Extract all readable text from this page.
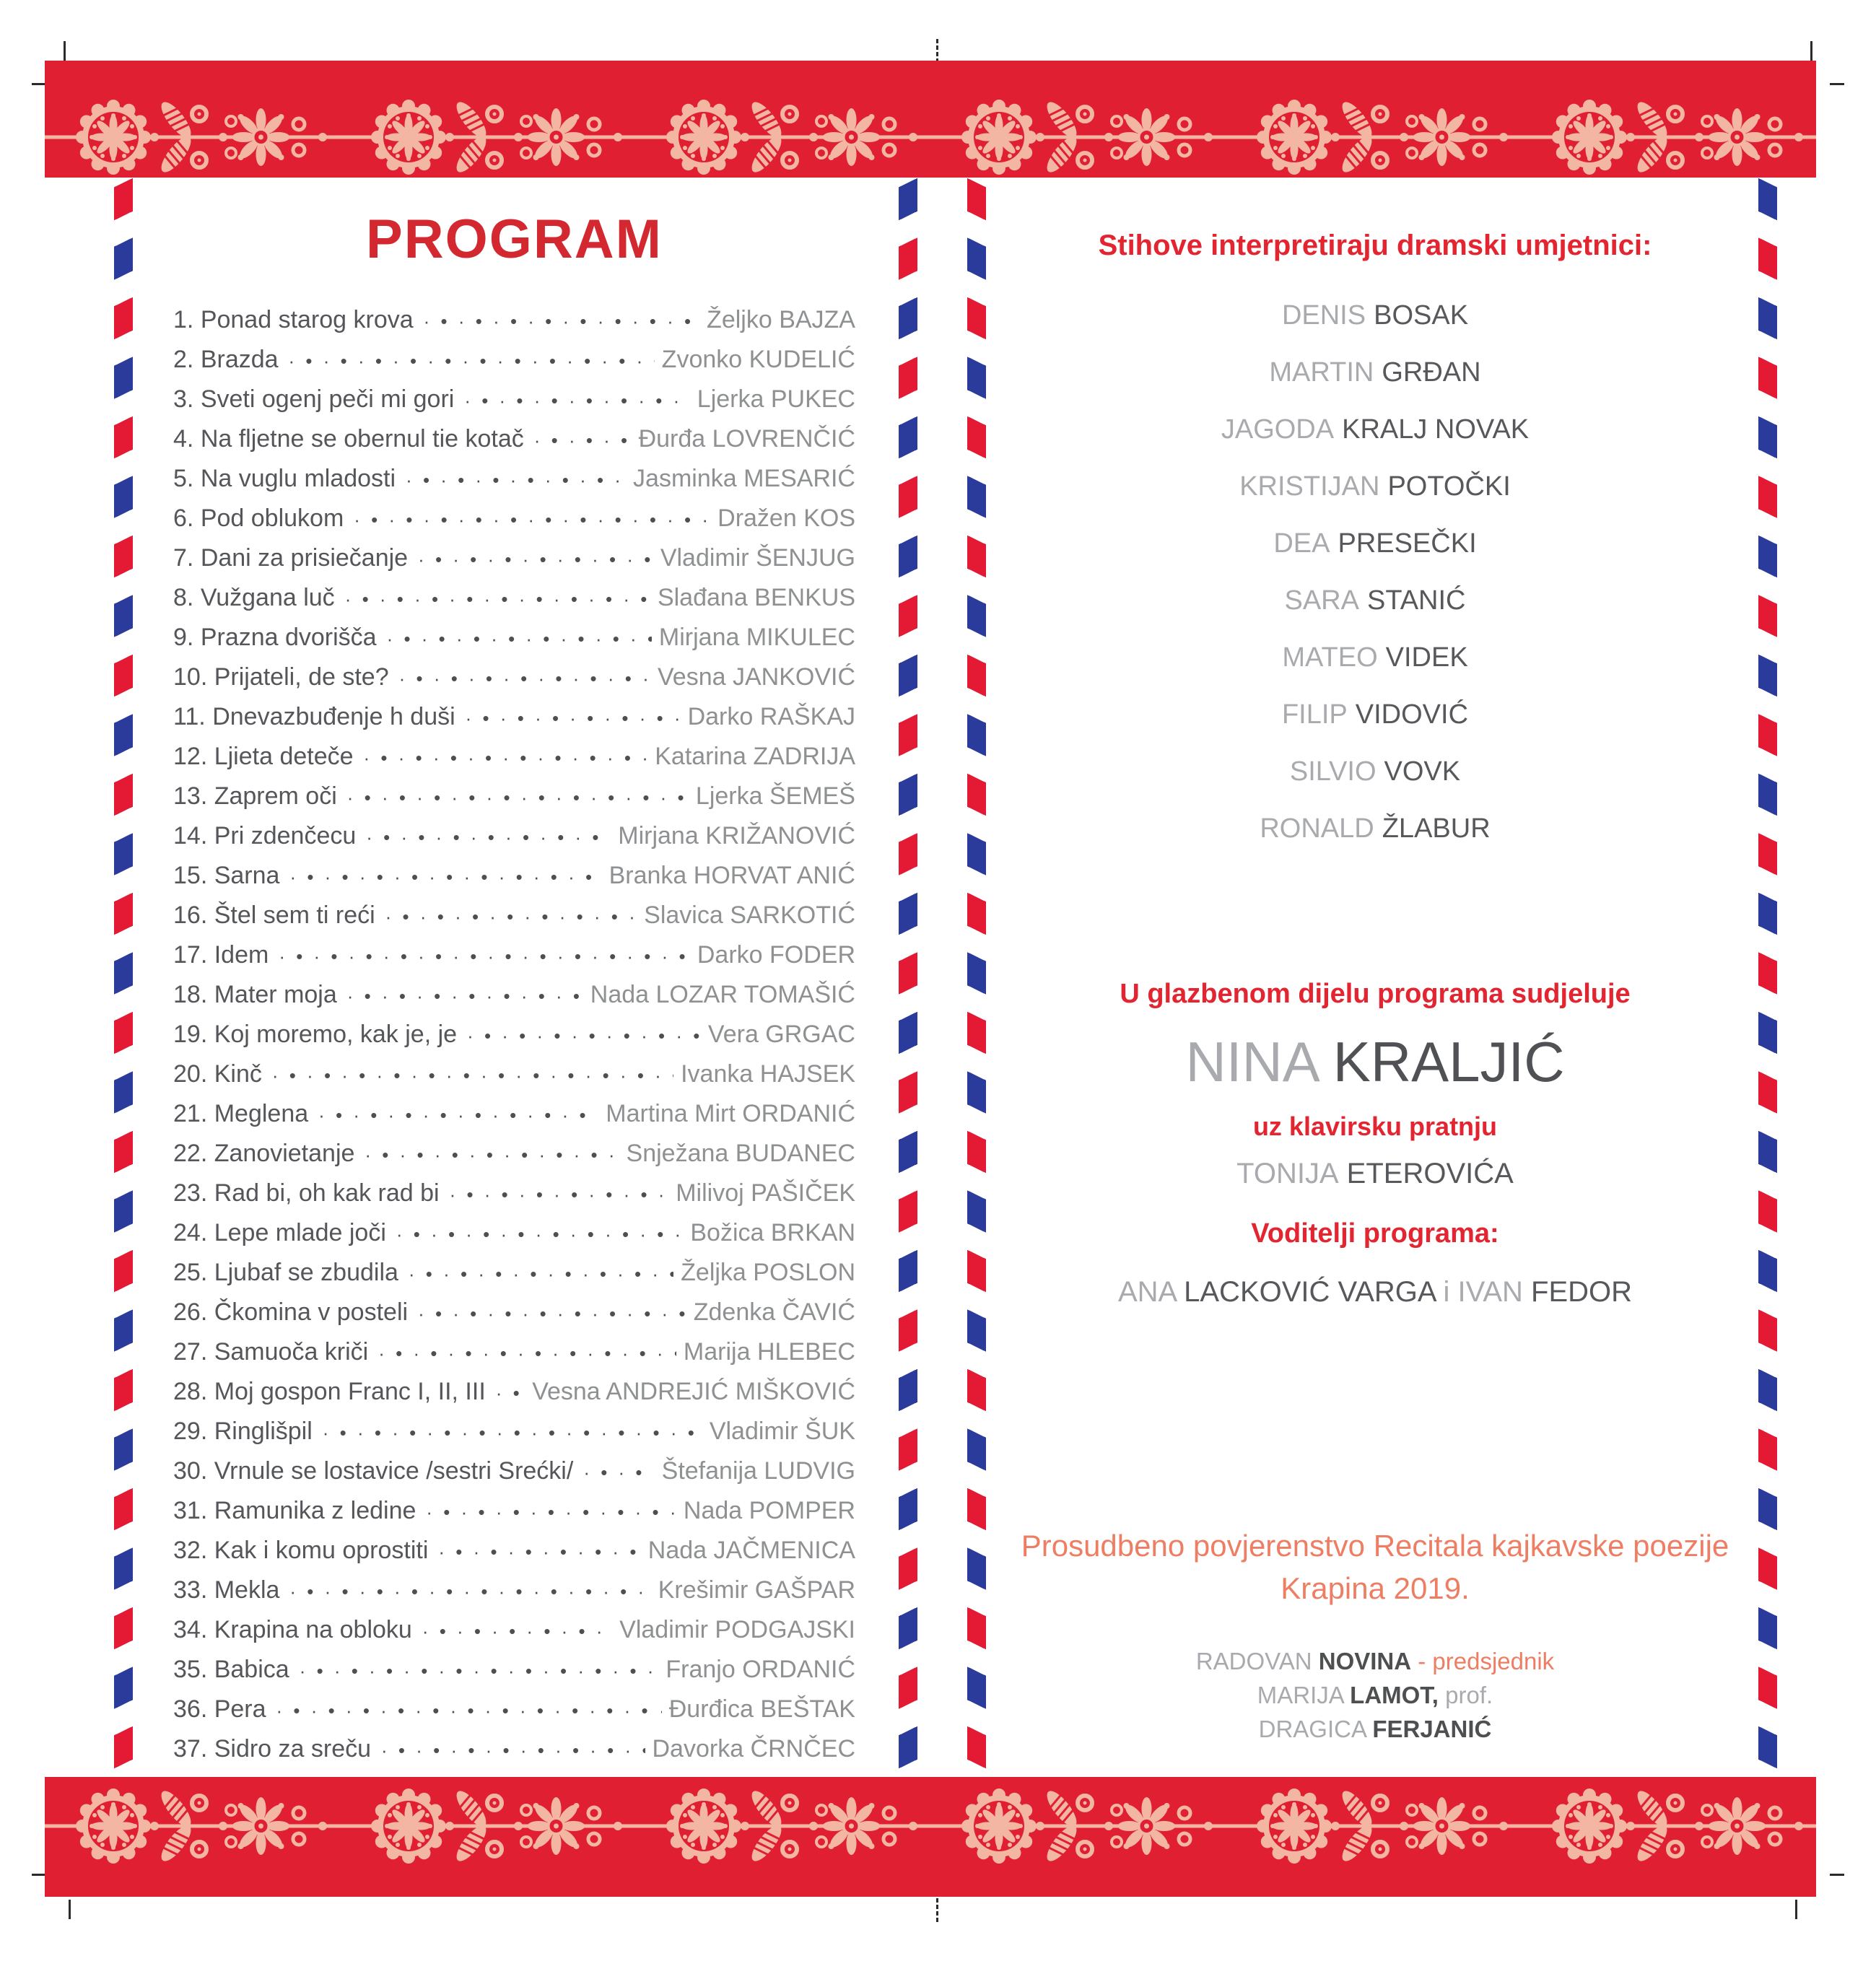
PROGRAM
1. Ponad starog krova · • ·	Željko BAJZA
2. Brazda · • ·	Zvonko KUDELIĆ
3. Sveti ogenj peči mi gori · • ·	Ljerka PUKEC
4. Na fljetne se obernul tie kotač · • ·	Đurđa LOVRENČIĆ
5. Na vuglu mladosti · • ·	Jasminka MESARIĆ
6. Pod oblukom · • ·	Dražen KOS
7. Dani za prisiečanje · • ·	Vladimir ŠENJUG
8. Vužgana luč · • ·	Slađana BENKUS
9. Prazna dvorišča · • ·	Mirjana MIKULEC
10. Prijateli, de ste? · • ·	Vesna JANKOVIĆ
11. Dnevazbuđenje h duši · • ·	Darko RAŠKAJ
12. Ljieta deteče · • ·	Katarina ZADRIJA
13. Zaprem oči · • ·	Ljerka ŠEMEŠ
14. Pri zdenčecu · • ·	Mirjana KRIŽANOVIĆ
15. Sarna · • ·	Branka HORVAT ANIĆ
16. Štel sem ti reći · • ·	Slavica SARKOTIĆ
17. Idem · • ·	Darko FODER
18. Mater moja · • ·	Nada LOZAR TOMAŠIĆ
19. Koj moremo, kak je, je · • ·	Vera GRGAC
20. Kinč · • ·	Ivanka HAJSEK
21. Meglena · • ·	Martina Mirt ORDANIĆ
22. Zanovietanje · • ·	Snježana BUDANEC
23. Rad bi, oh kak rad bi · • ·	Milivoj PAŠIČEK
24. Lepe mlade joči · • ·	Božica BRKAN
25. Ljubaf se zbudila · • ·	Željka POSLON
26. Čkomina v posteli · • ·	Zdenka ČAVIĆ
27. Samuoča kriči · • ·	Marija HLEBEC
28. Moj gospon Franc I, II, III · • · Vesna ANDREJIĆ MIŠKOVIĆ
29. Ringlišpil · • ·	Vladimir ŠUK
30. Vrnule se lostavice /sestri Srećki/ · • ·	Štefanija LUDVIG
31. Ramunika z ledine · • ·	Nada POMPER
32. Kak i komu oprostiti · • ·	Nada JAČMENICA
33. Mekla · • ·	Krešimir GAŠPAR
34. Krapina na obloku · • ·	Vladimir PODGAJSKI
35. Babica · • ·	Franjo ORDANIĆ
36. Pera · • ·	Đurđica BEŠTAK
37. Sidro za sreču · • ·	Davorka ČRNČEC
Stihove interpretiraju dramski umjetnici:
DENIS BOSAK
MARTIN GRĐAN
JAGODA KRALJ NOVAK
KRISTIJAN POTOČKI
DEA PRESEČKI
SARA STANIĆ
MATEO VIDEK
FILIP VIDOVIĆ
SILVIO VOVK
RONALD ŽLABUR
U glazbenom dijelu programa sudjeluje
NINA KRALJIĆ
uz klavirsku pratnju
TONIJA ETEROVIĆA
Voditelji programa:
ANA LACKOVIĆ VARGA i IVAN FEDOR
Prosudbeno povjerenstvo Recitala kajkavske poezije
Krapina 2019.
RADOVAN NOVINA - predsjednik
MARIJA LAMOT, prof.
DRAGICA FERJANIĆ
